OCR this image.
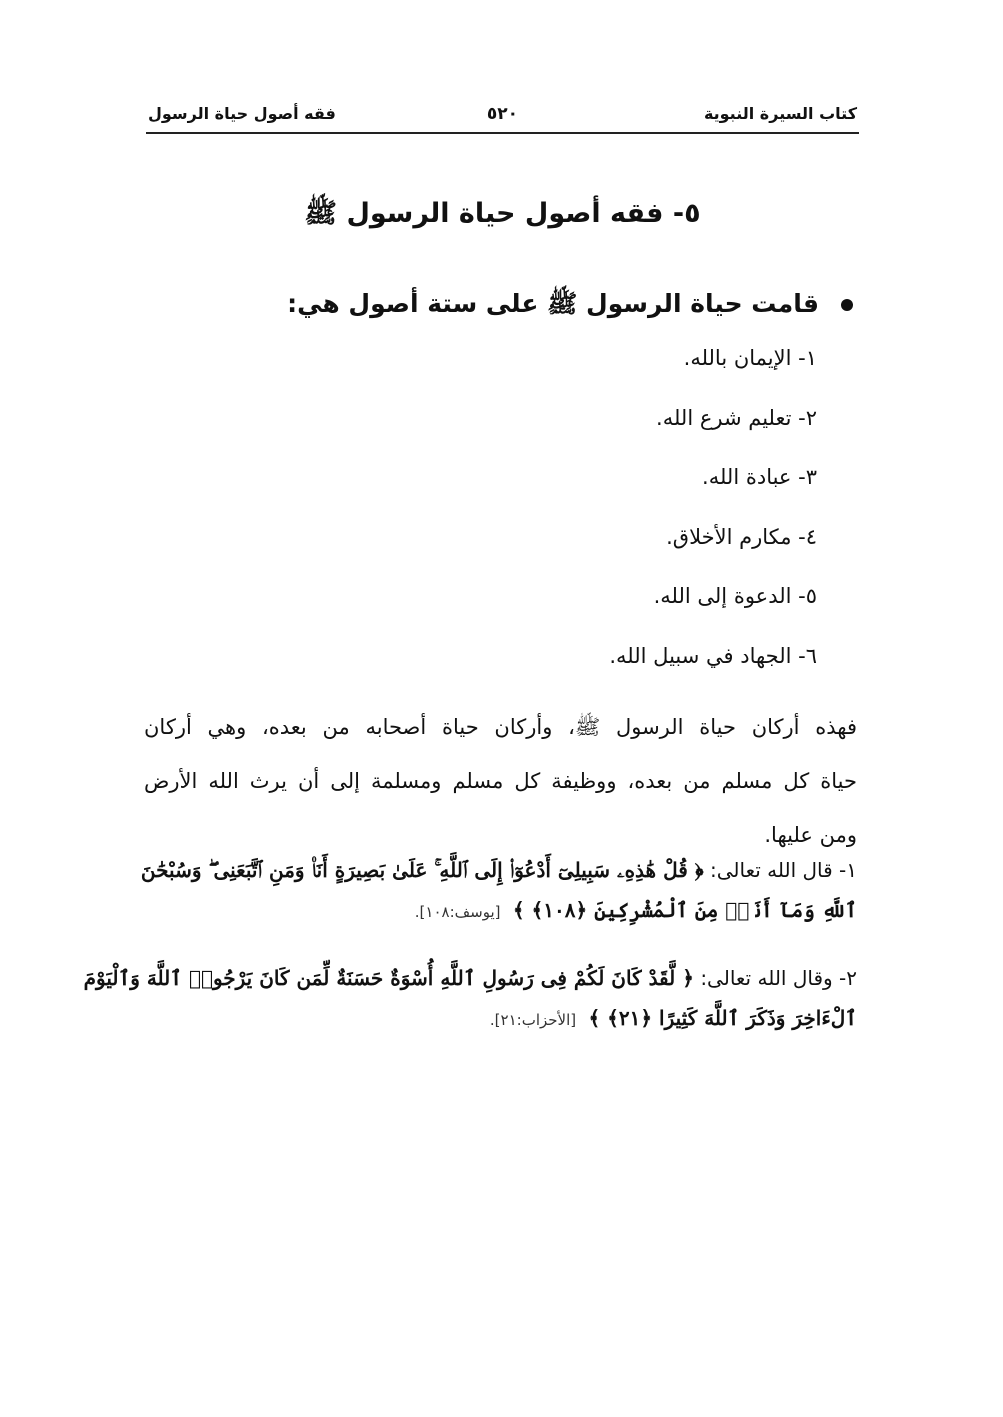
كتاب السيرة النبوية
٥٢٠
فقه أصول حياة الرسول
٥- فقه أصول حياة الرسول ﷺ
قامت حياة الرسول ﷺ على ستة أصول هي:
١- الإيمان بالله.
٢- تعليم شرع الله.
٣- عبادة الله.
٤- مكارم الأخلاق.
٥- الدعوة إلى الله.
٦- الجهاد في سبيل الله.
فهذه أركان حياة الرسول ﷺ، وأركان حياة أصحابه من بعده، وهي أركان
حياة كل مسلم من بعده، ووظيفة كل مسلم ومسلمة إلى أن يرث الله الأرض
ومن عليها.
١- قال الله تعالى: ﴿ قُلْ هَٰذِهِۦ سَبِيلِىٓ أَدْعُوٓا۟ إِلَى ٱللَّهِ ۚ عَلَىٰ بَصِيرَةٍ أَنَا۠ وَمَنِ ٱتَّبَعَنِى ۖ وَسُبْحَٰنَ
ٱللَّهِ وَمَآ أَنَا۠ مِنَ ٱلْمُشْرِكِينَ ﴿١٠٨﴾ ﴾ [يوسف:١٠٨].
٢- وقال الله تعالى: ﴿ لَّقَدْ كَانَ لَكُمْ فِى رَسُولِ ٱللَّهِ أُسْوَةٌ حَسَنَةٌ لِّمَن كَانَ يَرْجُوا۟ ٱللَّهَ وَٱلْيَوْمَ
ٱلْءَاخِرَ وَذَكَرَ ٱللَّهَ كَثِيرًا ﴿٢١﴾ ﴾ [الأحزاب:٢١].
